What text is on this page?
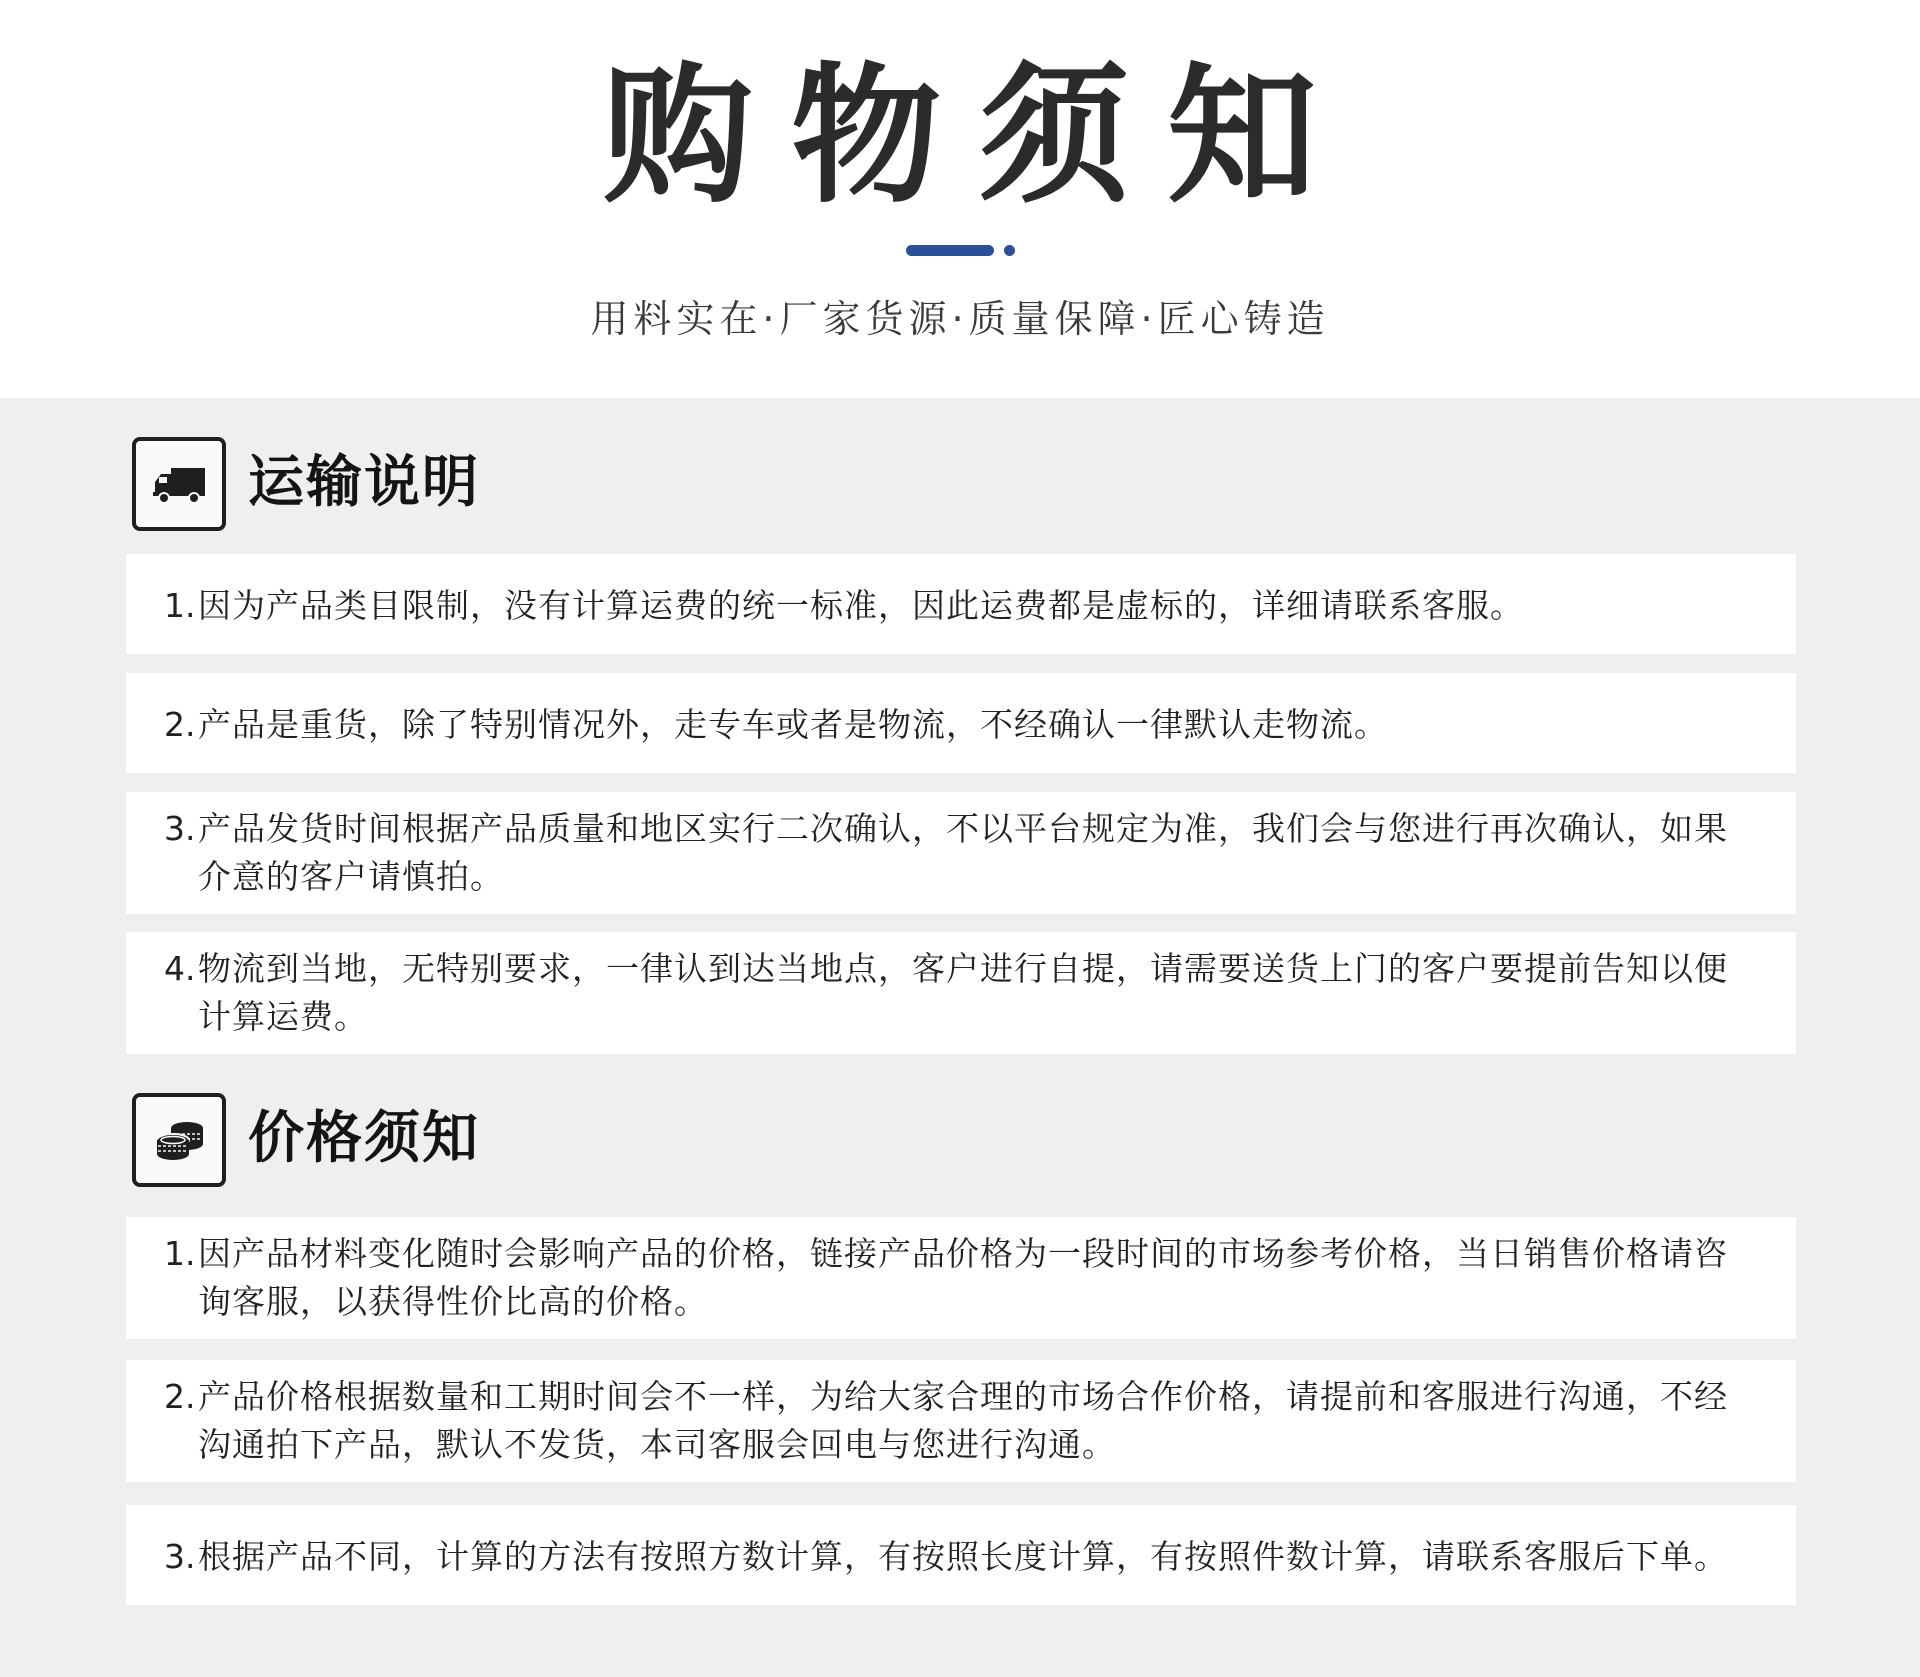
购物须知
用料实在·厂家货源·质量保障·匠心铸造
运输说明
1. 因为产品类目限制，没有计算运费的统一标准，因此运费都是虚标的，详细请联系客服。
2. 产品是重货，除了特别情况外，走专车或者是物流，不经确认一律默认走物流。
3. 产品发货时间根据产品质量和地区实行二次确认，不以平台规定为准，我们会与您进行再次确认，如果介意的客户请慎拍。
4. 物流到当地，无特别要求，一律认到达当地点，客户进行自提，请需要送货上门的客户要提前告知以便计算运费。
价格须知
1. 因产品材料变化随时会影响产品的价格，链接产品价格为一段时间的市场参考价格，当日销售价格请咨询客服，以获得性价比高的价格。
2. 产品价格根据数量和工期时间会不一样，为给大家合理的市场合作价格，请提前和客服进行沟通，不经沟通拍下产品，默认不发货，本司客服会回电与您进行沟通。
3. 根据产品不同，计算的方法有按照方数计算，有按照长度计算，有按照件数计算，请联系客服后下单。
